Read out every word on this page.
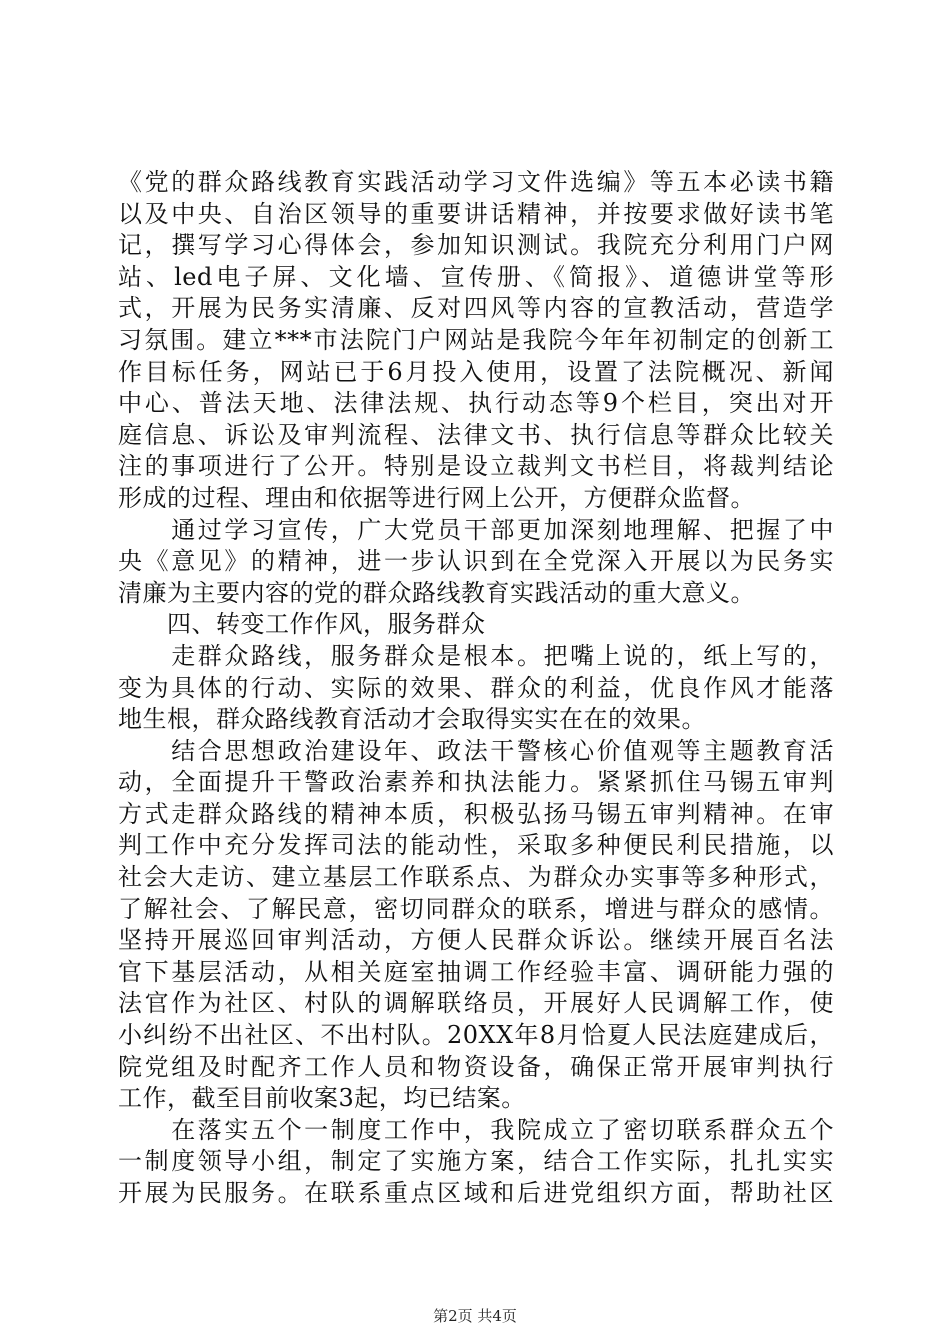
《党的群众路线教育实践活动学习文件选编》等五本必读书籍
以及中央、自治区领导的重要讲话精神，并按要求做好读书笔
记，撰写学习心得体会，参加知识测试。我院充分利用门户网
站、led电子屏、文化墙、宣传册、《简报》、道德讲堂等形
式，开展为民务实清廉、反对四风等内容的宣教活动，营造学
习氛围。建立***市法院门户网站是我院今年年初制定的创新工
作目标任务，网站已于6月投入使用，设置了法院概况、新闻
中心、普法天地、法律法规、执行动态等9个栏目，突出对开
庭信息、诉讼及审判流程、法律文书、执行信息等群众比较关
注的事项进行了公开。特别是设立裁判文书栏目，将裁判结论
形成的过程、理由和依据等进行网上公开，方便群众监督。
　　通过学习宣传，广大党员干部更加深刻地理解、把握了中
央《意见》的精神，进一步认识到在全党深入开展以为民务实
清廉为主要内容的党的群众路线教育实践活动的重大意义。
　　四、转变工作作风，服务群众
　　走群众路线，服务群众是根本。把嘴上说的，纸上写的，
变为具体的行动、实际的效果、群众的利益，优良作风才能落
地生根，群众路线教育活动才会取得实实在在的效果。
　　结合思想政治建设年、政法干警核心价值观等主题教育活
动，全面提升干警政治素养和执法能力。紧紧抓住马锡五审判
方式走群众路线的精神本质，积极弘扬马锡五审判精神。在审
判工作中充分发挥司法的能动性，采取多种便民利民措施，以
社会大走访、建立基层工作联系点、为群众办实事等多种形式，
了解社会、了解民意，密切同群众的联系，增进与群众的感情。
坚持开展巡回审判活动，方便人民群众诉讼。继续开展百名法
官下基层活动，从相关庭室抽调工作经验丰富、调研能力强的
法官作为社区、村队的调解联络员，开展好人民调解工作，使
小纠纷不出社区、不出村队。20XX年8月恰夏人民法庭建成后，
院党组及时配齐工作人员和物资设备，确保正常开展审判执行
工作，截至目前收案3起，均已结案。
　　在落实五个一制度工作中，我院成立了密切联系群众五个
一制度领导小组，制定了实施方案，结合工作实际，扎扎实实
开展为民服务。在联系重点区域和后进党组织方面，帮助社区
第2页 共4页
